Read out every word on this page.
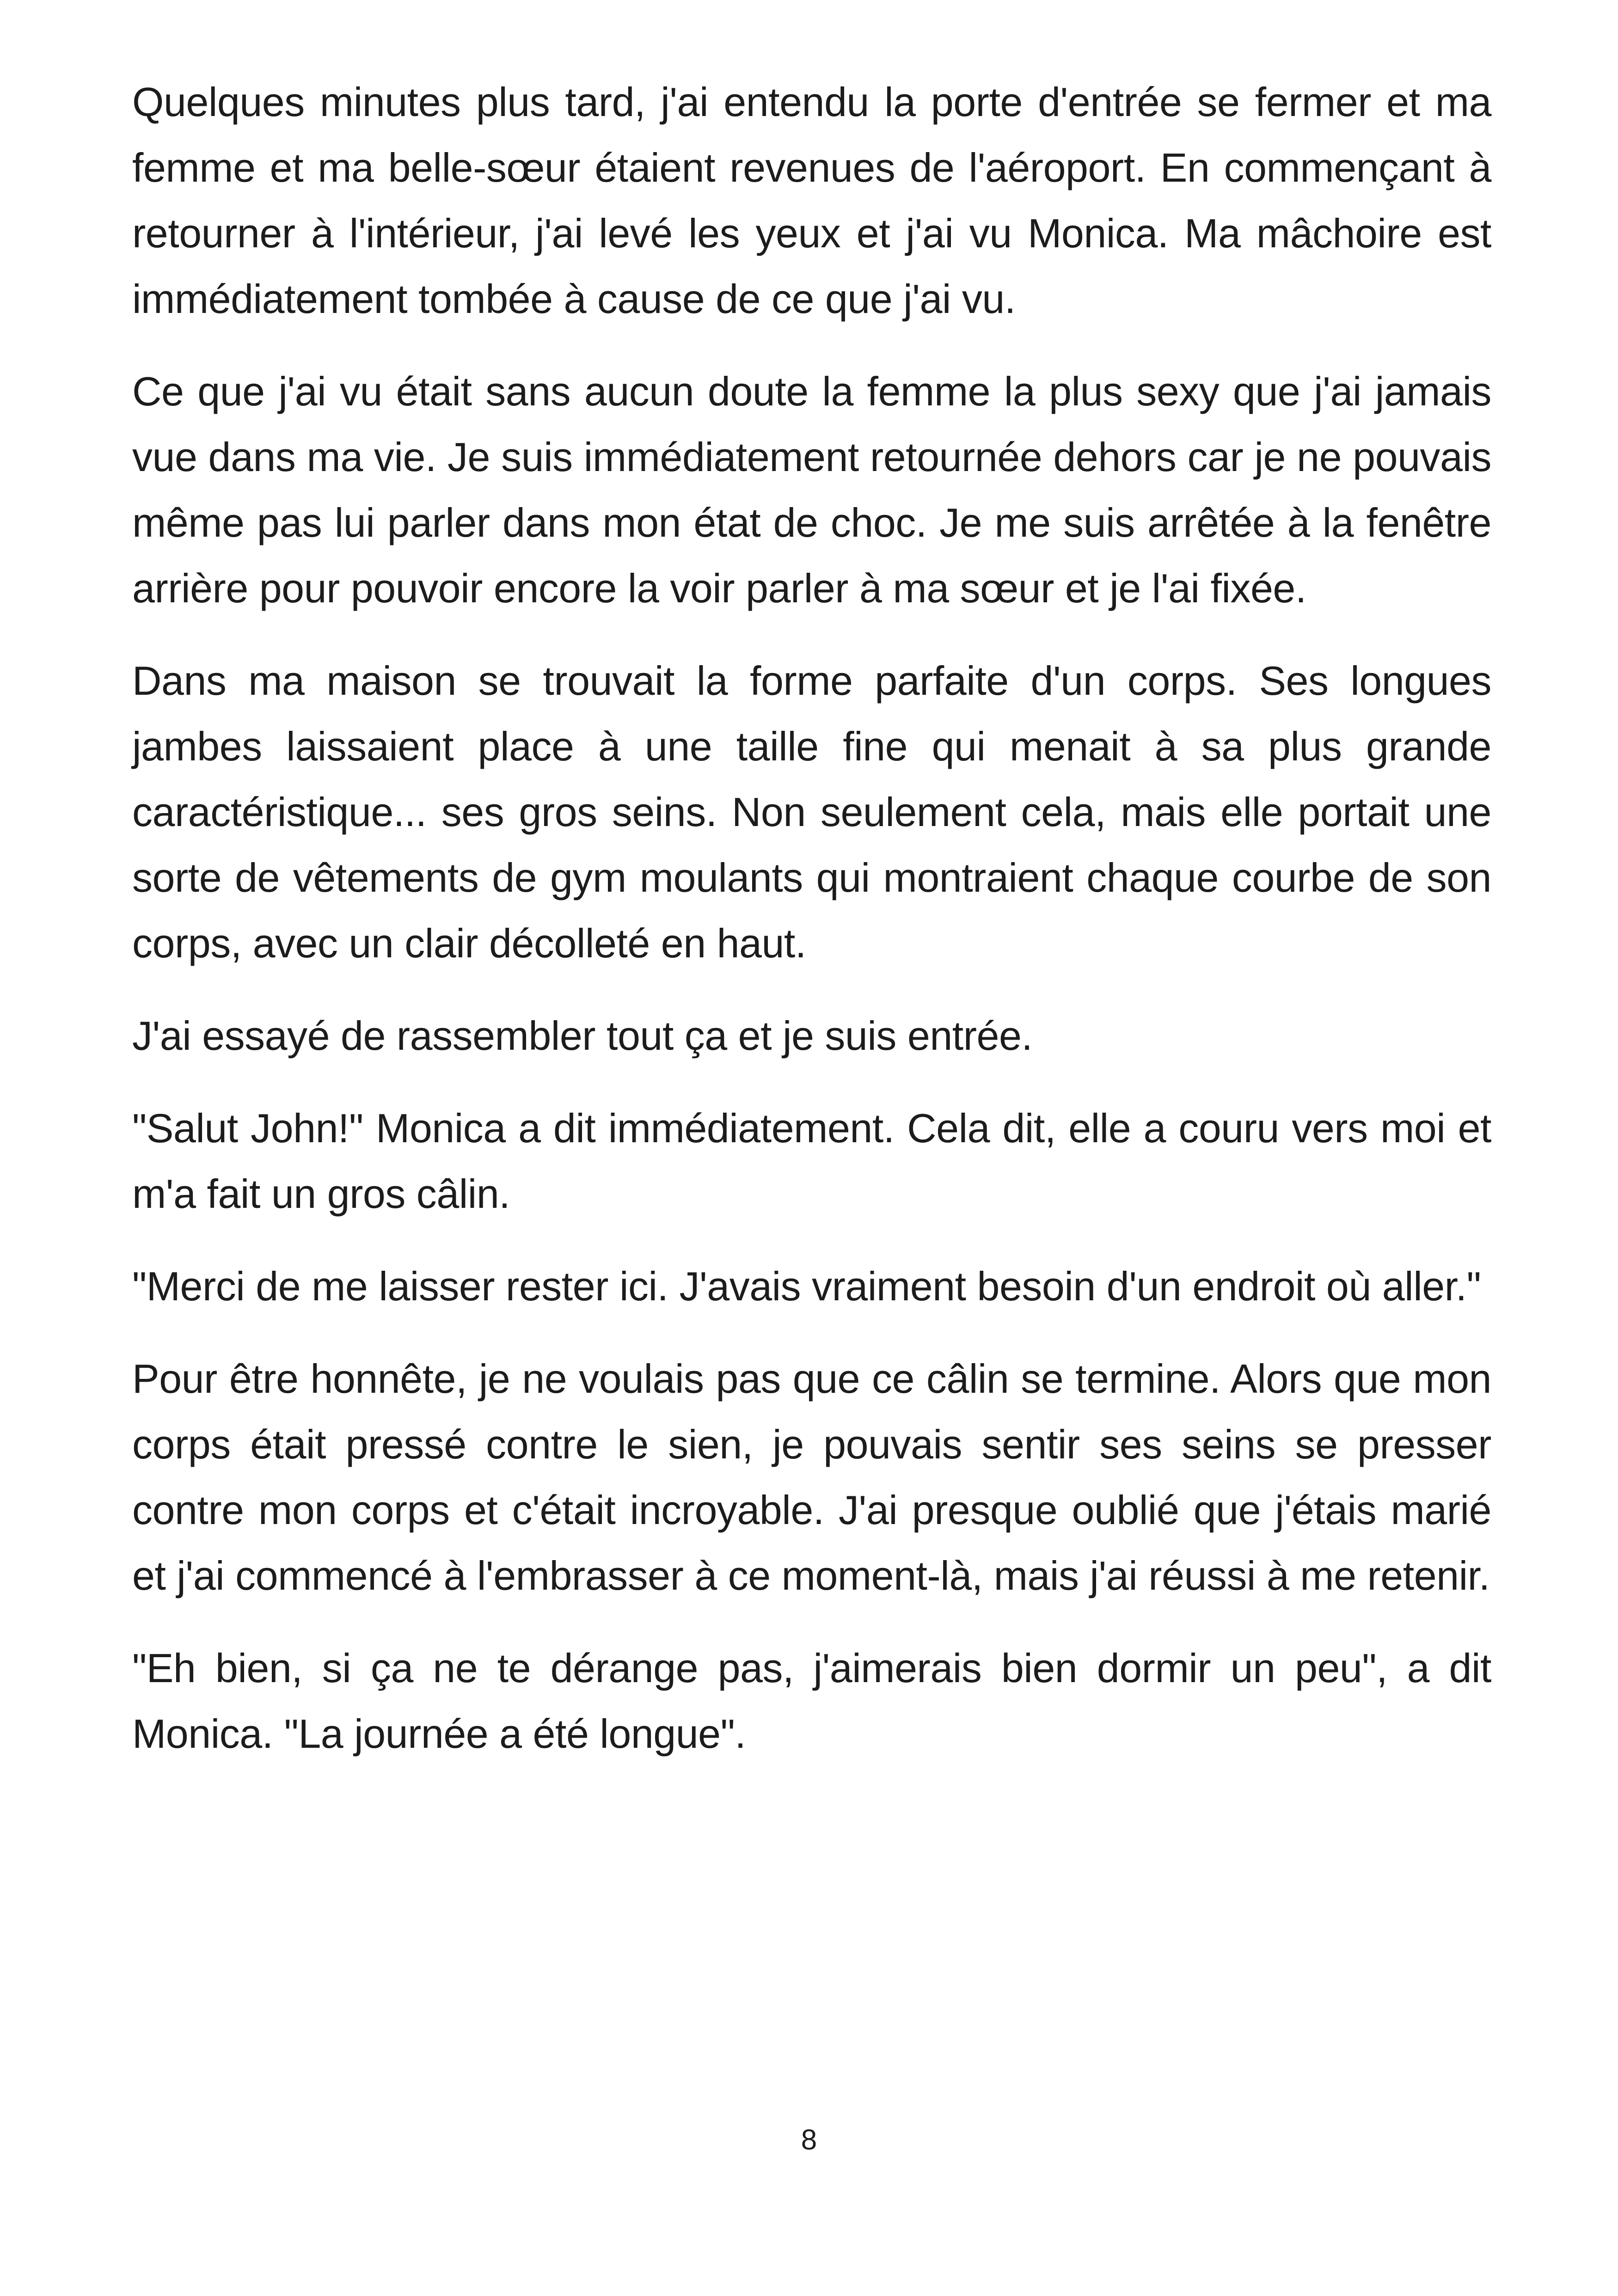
Quelques minutes plus tard, j'ai entendu la porte d'entrée se fermer et ma femme et ma belle-sœur étaient revenues de l'aéroport. En commençant à retourner à l'intérieur, j'ai levé les yeux et j'ai vu Monica. Ma mâchoire est immédiatement tombée à cause de ce que j'ai vu.

Ce que j'ai vu était sans aucun doute la femme la plus sexy que j'ai jamais vue dans ma vie. Je suis immédiatement retournée dehors car je ne pouvais même pas lui parler dans mon état de choc. Je me suis arrêtée à la fenêtre arrière pour pouvoir encore la voir parler à ma sœur et je l'ai fixée.

Dans ma maison se trouvait la forme parfaite d'un corps. Ses longues jambes laissaient place à une taille fine qui menait à sa plus grande caractéristique... ses gros seins. Non seulement cela, mais elle portait une sorte de vêtements de gym moulants qui montraient chaque courbe de son corps, avec un clair décolleté en haut.

J'ai essayé de rassembler tout ça et je suis entrée.

"Salut John!" Monica a dit immédiatement. Cela dit, elle a couru vers moi et m'a fait un gros câlin.

"Merci de me laisser rester ici. J'avais vraiment besoin d'un endroit où aller."

Pour être honnête, je ne voulais pas que ce câlin se termine. Alors que mon corps était pressé contre le sien, je pouvais sentir ses seins se presser contre mon corps et c'était incroyable. J'ai presque oublié que j'étais marié et j'ai commencé à l'embrasser à ce moment-là, mais j'ai réussi à me retenir.

"Eh bien, si ça ne te dérange pas, j'aimerais bien dormir un peu", a dit Monica. "La journée a été longue".

8
